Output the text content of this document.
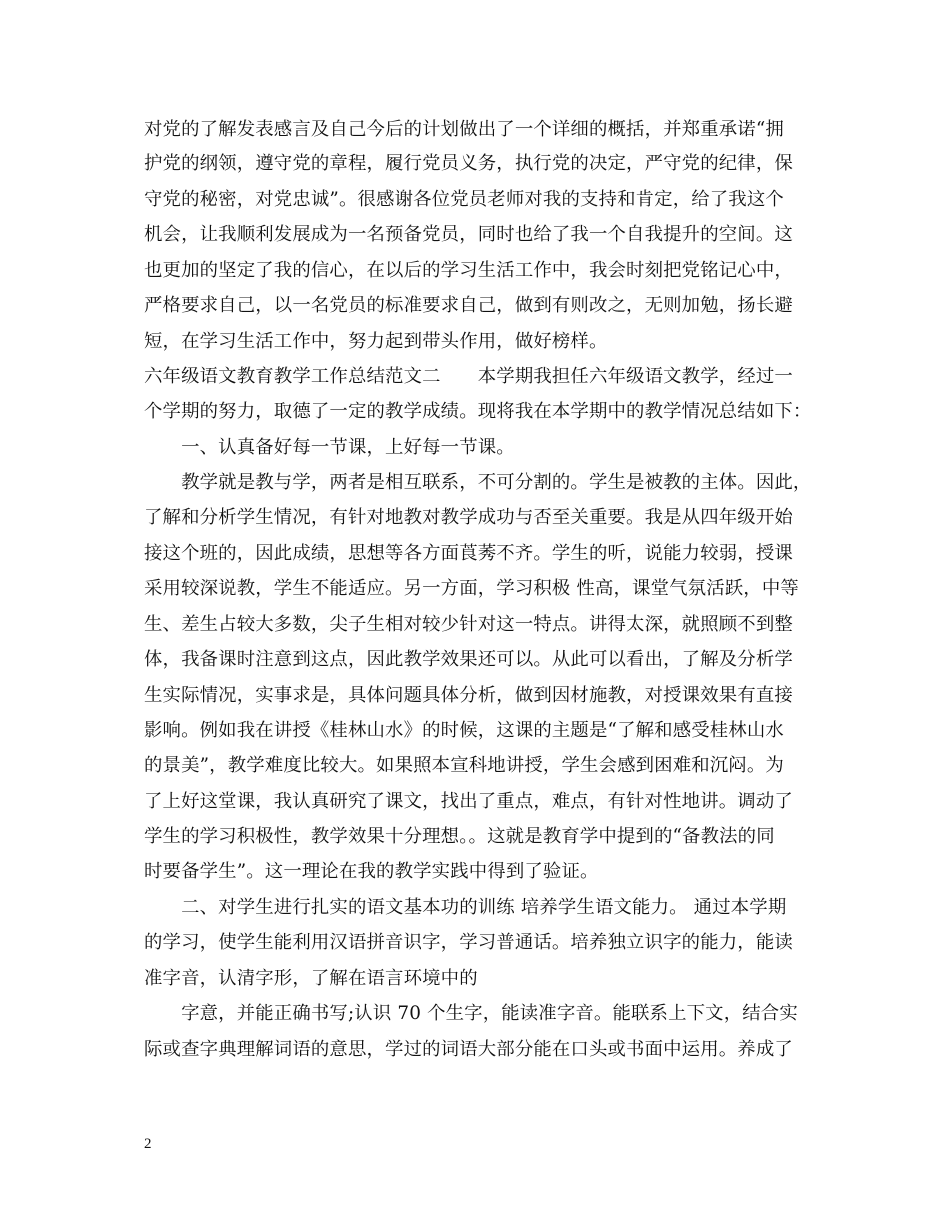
对党的了解发表感言及自己今后的计划做出了一个详细的概括，并郑重承诺“拥
护党的纲领，遵守党的章程，履行党员义务，执行党的决定，严守党的纪律，保
守党的秘密，对党忠诚”。很感谢各位党员老师对我的支持和肯定，给了我这个
机会，让我顺利发展成为一名预备党员，同时也给了我一个自我提升的空间。这
也更加的坚定了我的信心，在以后的学习生活工作中，我会时刻把党铭记心中，
严格要求自己，以一名党员的标准要求自己，做到有则改之，无则加勉，扬长避
短，在学习生活工作中，努力起到带头作用，做好榜样。
六年级语文教育教学工作总结范文二　　本学期我担任六年级语文教学，经过一
个学期的努力，取德了一定的教学成绩。现将我在本学期中的教学情况总结如下：
　　一、认真备好每一节课，上好每一节课。
　　教学就是教与学，两者是相互联系，不可分割的。学生是被教的主体。因此，
了解和分析学生情况，有针对地教对教学成功与否至关重要。我是从四年级开始
接这个班的，因此成绩，思想等各方面莨莠不齐。学生的听，说能力较弱，授课
采用较深说教，学生不能适应。另一方面，学习积极 性高，课堂气氛活跃，中等
生、差生占较大多数，尖子生相对较少针对这一特点。讲得太深，就照顾不到整
体，我备课时注意到这点，因此教学效果还可以。从此可以看出，了解及分析学
生实际情况，实事求是，具体问题具体分析，做到因材施教，对授课效果有直接
影响。例如我在讲授《桂林山水》的时候，这课的主题是“了解和感受桂林山水
的景美”，教学难度比较大。如果照本宣科地讲授，学生会感到困难和沉闷。为
了上好这堂课，我认真研究了课文，找出了重点，难点，有针对性地讲。调动了
学生的学习积极性，教学效果十分理想。。这就是教育学中提到的“备教法的同
时要备学生”。这一理论在我的教学实践中得到了验证。
　　二、对学生进行扎实的语文基本功的训练 培养学生语文能力。 通过本学期
的学习，使学生能利用汉语拼音识字，学习普通话。培养独立识字的能力，能读
准字音，认清字形，了解在语言环境中的
　　字意，并能正确书写;认识 70 个生字，能读准字音。能联系上下文，结合实
际或查字典理解词语的意思，学过的词语大部分能在口头或书面中运用。养成了
2
